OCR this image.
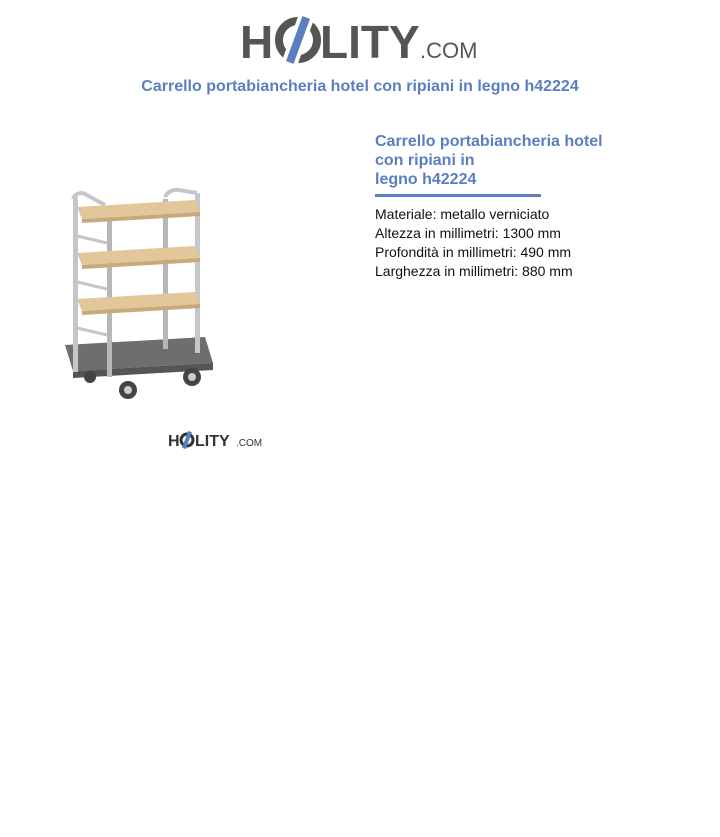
H LITY .COM
Carrello portabiancheria hotel con ripiani in legno h42224
H LITY .COM
Carrello portabiancheria hotel
con ripiani in
legno h42224
Materiale: metallo verniciato
Altezza in millimetri: 1300 mm
Profondità in millimetri: 490 mm
Larghezza in millimetri: 880 mm
